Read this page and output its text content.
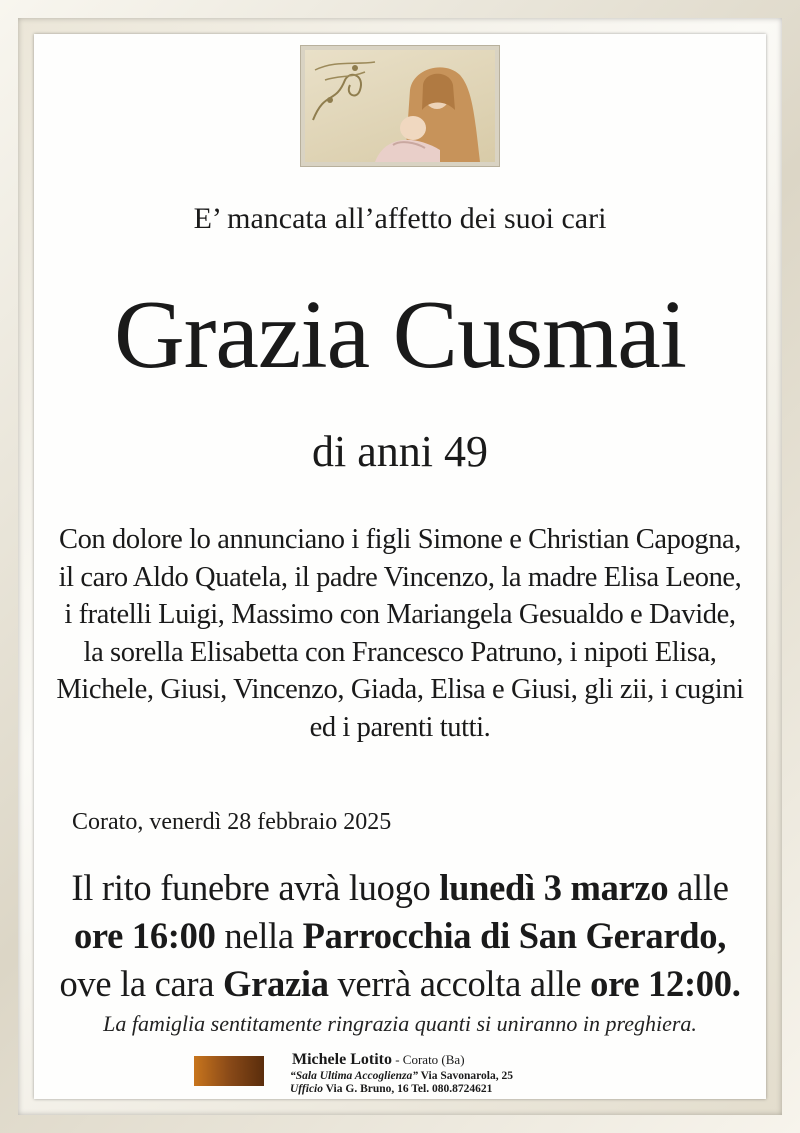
E’ mancata all’affetto dei suoi cari
Grazia Cusmai
di anni 49
Con dolore lo annunciano i figli Simone e Christian Capogna, il caro Aldo Quatela, il padre Vincenzo, la madre Elisa Leone, i fratelli Luigi, Massimo con Mariangela Gesualdo e Davide, la sorella Elisabetta con Francesco Patruno, i nipoti Elisa, Michele, Giusi, Vincenzo, Giada, Elisa e Giusi, gli zii, i cugini ed i parenti tutti.
Corato, venerdì 28 febbraio 2025
Il rito funebre avrà luogo lunedì 3 marzo alle
ore 16:00 nella Parrocchia di San Gerardo,
ove la cara Grazia verrà accolta alle ore 12:00.
La famiglia sentitamente ringrazia quanti si uniranno in preghiera.
Michele Lotito - Corato (Ba)
“Sala Ultima Accoglienza” Via Savonarola, 25
Ufficio Via G. Bruno, 16 Tel. 080.8724621
